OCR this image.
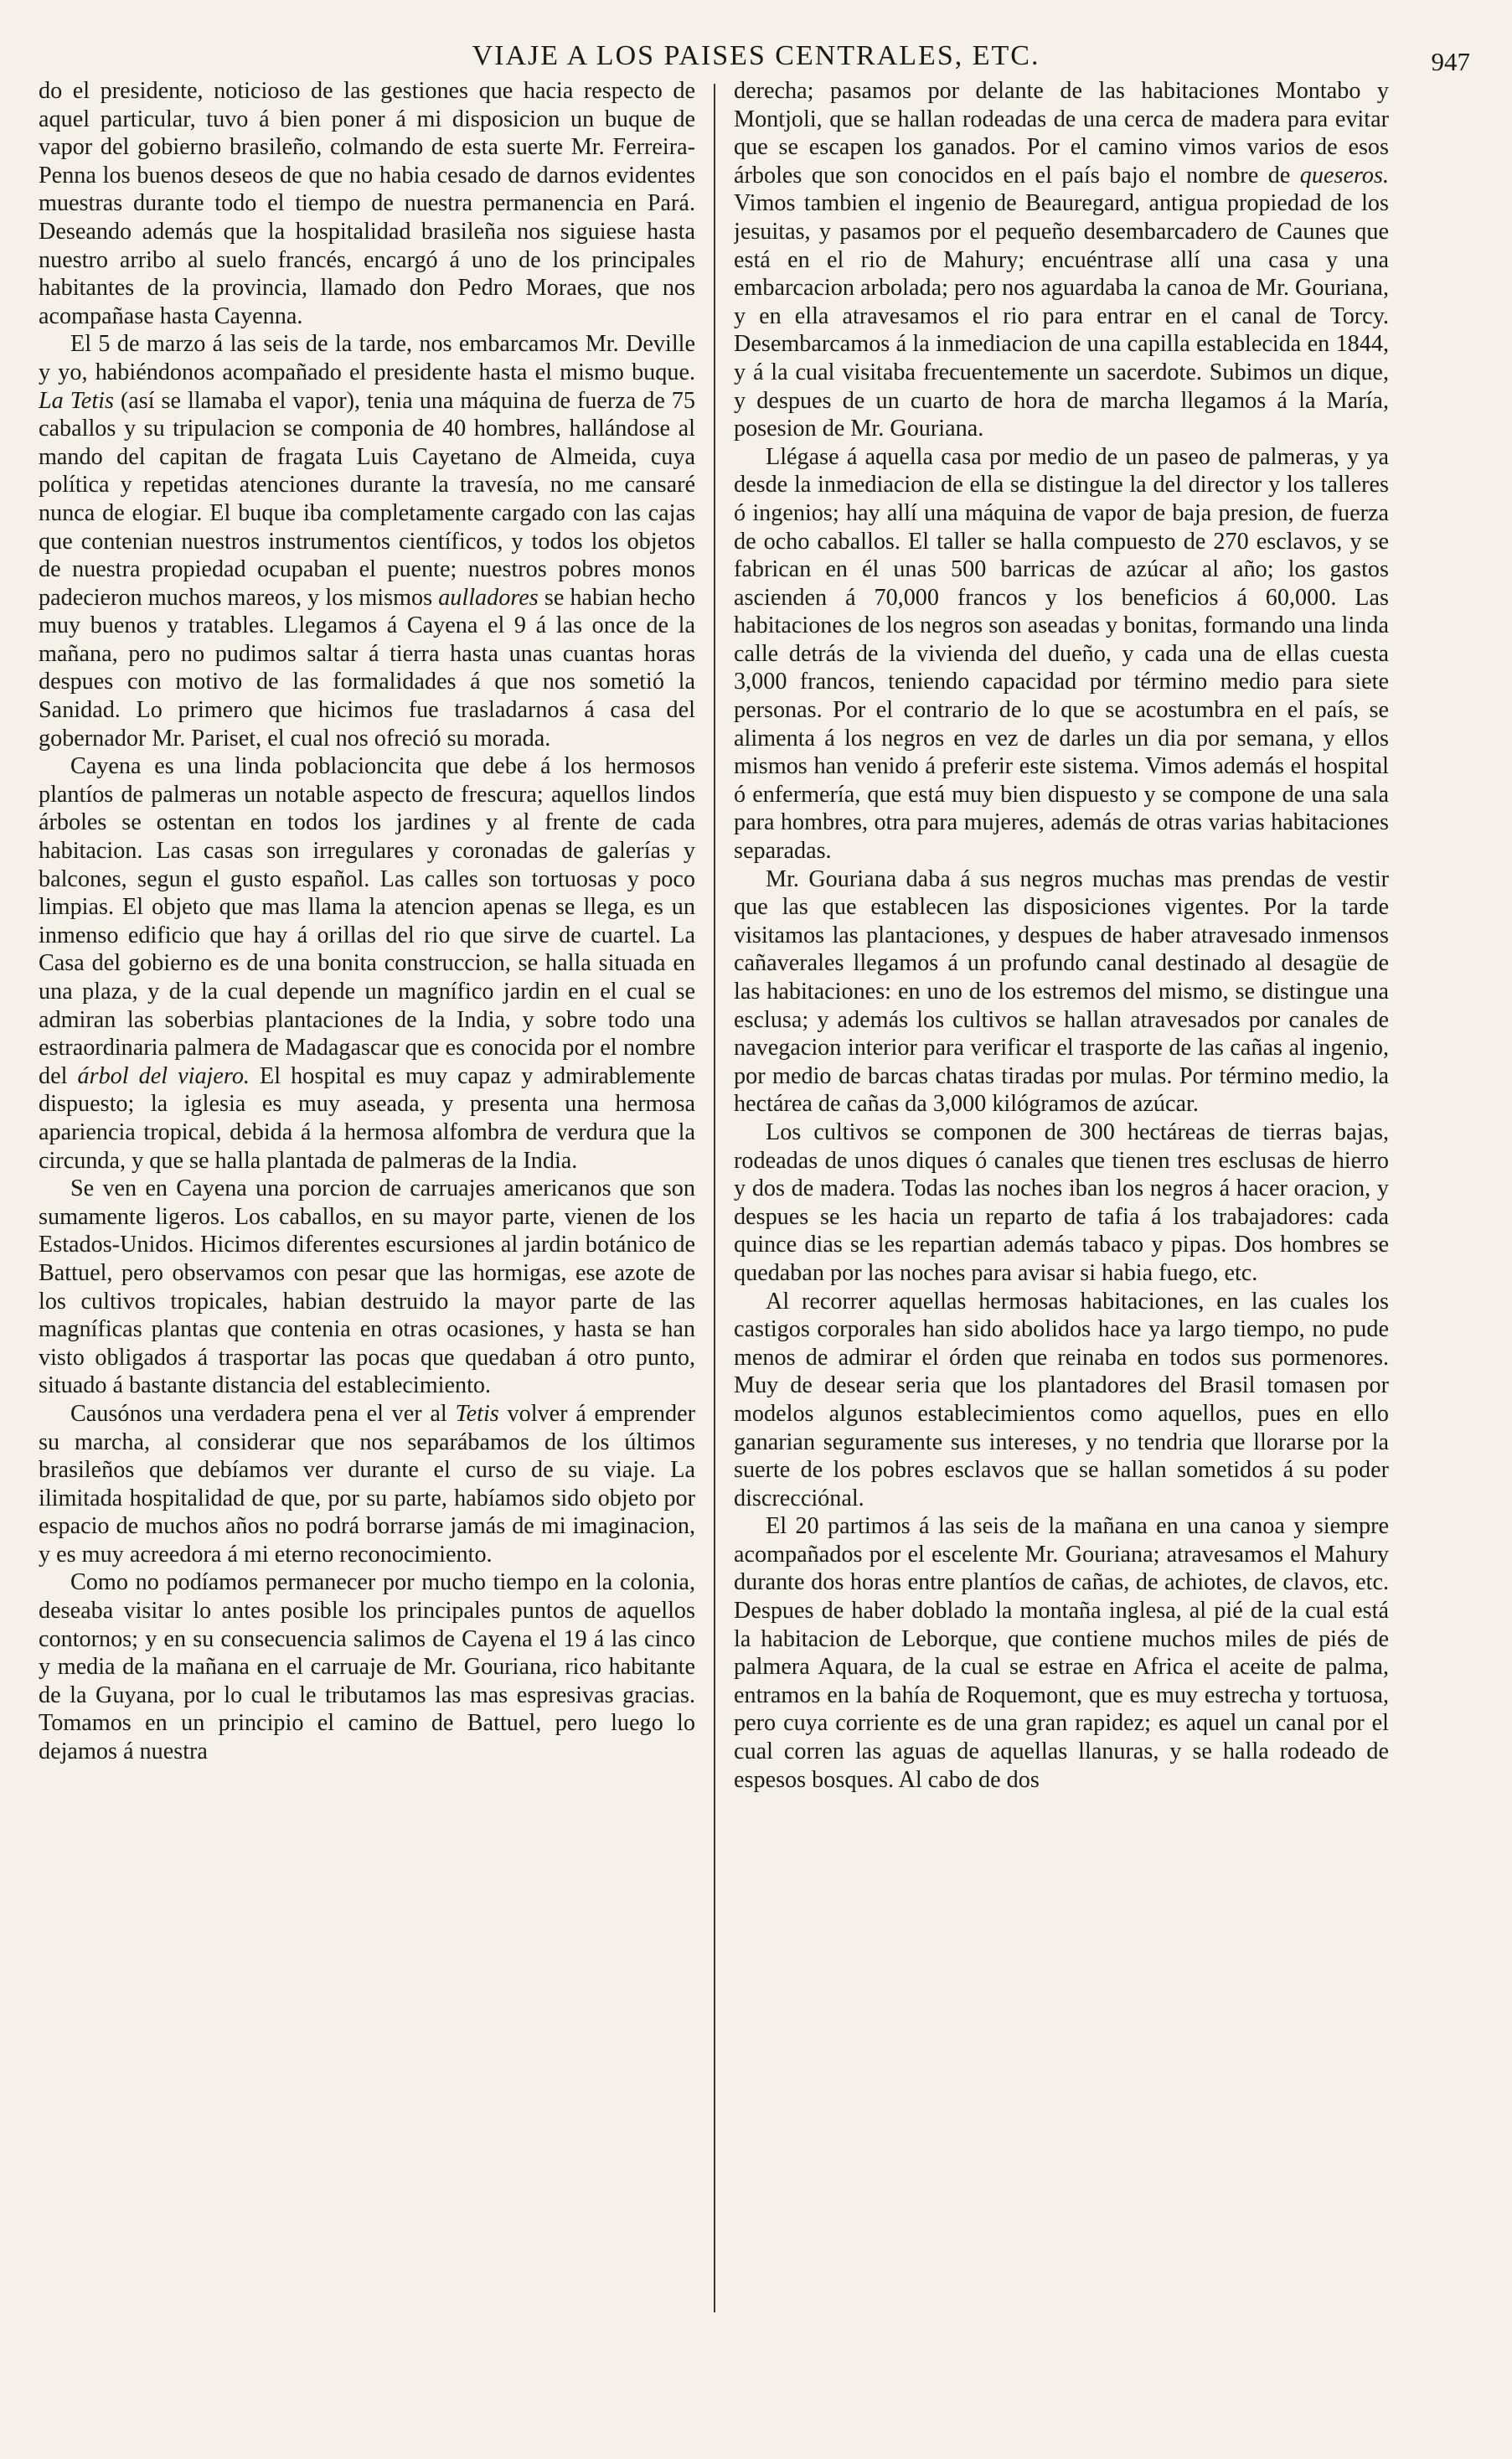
VIAJE A LOS PAISES CENTRALES, ETC.	947

do el presidente, noticioso de las gestiones que hacia respecto de aquel particular, tuvo á bien poner á mi disposicion un buque de vapor del gobierno brasileño, colmando de esta suerte Mr. Ferreira-Penna los buenos deseos de que no habia cesado de darnos evidentes muestras durante todo el tiempo de nuestra permanencia en Pará. Deseando además que la hospitalidad brasileña nos siguiese hasta nuestro arribo al suelo francés, encargó á uno de los principales habitantes de la provincia, llamado don Pedro Moraes, que nos acompañase hasta Cayenna.

El 5 de marzo á las seis de la tarde, nos embarcamos Mr. Deville y yo, habiéndonos acompañado el presidente hasta el mismo buque. La Tetis (así se llamaba el vapor), tenia una máquina de fuerza de 75 caballos y su tripulacion se componia de 40 hombres, hallándose al mando del capitan de fragata Luis Cayetano de Almeida, cuya política y repetidas atenciones durante la travesía, no me cansaré nunca de elogiar. El buque iba completamente cargado con las cajas que contenian nuestros instrumentos científicos, y todos los objetos de nuestra propiedad ocupaban el puente; nuestros pobres monos padecieron muchos mareos, y los mismos aulladores se habian hecho muy buenos y tratables. Llegamos á Cayena el 9 á las once de la mañana, pero no pudimos saltar á tierra hasta unas cuantas horas despues con motivo de las formalidades á que nos sometió la Sanidad. Lo primero que hicimos fue trasladarnos á casa del gobernador Mr. Pariset, el cual nos ofreció su morada.

Cayena es una linda poblacioncita que debe á los hermosos plantíos de palmeras un notable aspecto de frescura; aquellos lindos árboles se ostentan en todos los jardines y al frente de cada habitacion. Las casas son irregulares y coronadas de galerías y balcones, segun el gusto español. Las calles son tortuosas y poco limpias. El objeto que mas llama la atencion apenas se llega, es un inmenso edificio que hay á orillas del rio que sirve de cuartel. La Casa del gobierno es de una bonita construccion, se halla situada en una plaza, y de la cual depende un magnífico jardin en el cual se admiran las soberbias plantaciones de la India, y sobre todo una estraordinaria palmera de Madagascar que es conocida por el nombre del árbol del viajero. El hospital es muy capaz y admirablemente dispuesto; la iglesia es muy aseada, y presenta una hermosa apariencia tropical, debida á la hermosa alfombra de verdura que la circunda, y que se halla plantada de palmeras de la India.

Se ven en Cayena una porcion de carruajes americanos que son sumamente ligeros. Los caballos, en su mayor parte, vienen de los Estados-Unidos. Hicimos diferentes escursiones al jardin botánico de Battuel, pero observamos con pesar que las hormigas, ese azote de los cultivos tropicales, habian destruido la mayor parte de las magníficas plantas que contenia en otras ocasiones, y hasta se han visto obligados á trasportar las pocas que quedaban á otro punto, situado á bastante distancia del establecimiento.

Causónos una verdadera pena el ver al Tetis volver á emprender su marcha, al considerar que nos separábamos de los últimos brasileños que debíamos ver durante el curso de su viaje. La ilimitada hospitalidad de que, por su parte, habíamos sido objeto por espacio de muchos años no podrá borrarse jamás de mi imaginacion, y es muy acreedora á mi eterno reconocimiento.

Como no podíamos permanecer por mucho tiempo en la colonia, deseaba visitar lo antes posible los principales puntos de aquellos contornos; y en su consecuencia salimos de Cayena el 19 á las cinco y media de la mañana en el carruaje de Mr. Gouriana, rico habitante de la Guyana, por lo cual le tributamos las mas espresivas gracias. Tomamos en un principio el camino de Battuel, pero luego lo dejamos á nuestra

derecha; pasamos por delante de las habitaciones Montabo y Montjoli, que se hallan rodeadas de una cerca de madera para evitar que se escapen los ganados. Por el camino vimos varios de esos árboles que son conocidos en el país bajo el nombre de queseros. Vimos tambien el ingenio de Beauregard, antigua propiedad de los jesuitas, y pasamos por el pequeño desembarcadero de Caunes que está en el rio de Mahury; encuéntrase allí una casa y una embarcacion arbolada; pero nos aguardaba la canoa de Mr. Gouriana, y en ella atravesamos el rio para entrar en el canal de Torcy. Desembarcamos á la inmediacion de una capilla establecida en 1844, y á la cual visitaba frecuentemente un sacerdote. Subimos un dique, y despues de un cuarto de hora de marcha llegamos á la María, posesion de Mr. Gouriana.

Llégase á aquella casa por medio de un paseo de palmeras, y ya desde la inmediacion de ella se distingue la del director y los talleres ó ingenios; hay allí una máquina de vapor de baja presion, de fuerza de ocho caballos. El taller se halla compuesto de 270 esclavos, y se fabrican en él unas 500 barricas de azúcar al año; los gastos ascienden á 70,000 francos y los beneficios á 60,000. Las habitaciones de los negros son aseadas y bonitas, formando una linda calle detrás de la vivienda del dueño, y cada una de ellas cuesta 3,000 francos, teniendo capacidad por término medio para siete personas. Por el contrario de lo que se acostumbra en el país, se alimenta á los negros en vez de darles un dia por semana, y ellos mismos han venido á preferir este sistema. Vimos además el hospital ó enfermería, que está muy bien dispuesto y se compone de una sala para hombres, otra para mujeres, además de otras varias habitaciones separadas.

Mr. Gouriana daba á sus negros muchas mas prendas de vestir que las que establecen las disposiciones vigentes. Por la tarde visitamos las plantaciones, y despues de haber atravesado inmensos cañaverales llegamos á un profundo canal destinado al desagüe de las habitaciones: en uno de los estremos del mismo, se distingue una esclusa; y además los cultivos se hallan atravesados por canales de navegacion interior para verificar el trasporte de las cañas al ingenio, por medio de barcas chatas tiradas por mulas. Por término medio, la hectárea de cañas da 3,000 kilógramos de azúcar.

Los cultivos se componen de 300 hectáreas de tierras bajas, rodeadas de unos diques ó canales que tienen tres esclusas de hierro y dos de madera. Todas las noches iban los negros á hacer oracion, y despues se les hacia un reparto de tafia á los trabajadores: cada quince dias se les repartian además tabaco y pipas. Dos hombres se quedaban por las noches para avisar si habia fuego, etc.

Al recorrer aquellas hermosas habitaciones, en las cuales los castigos corporales han sido abolidos hace ya largo tiempo, no pude menos de admirar el órden que reinaba en todos sus pormenores. Muy de desear seria que los plantadores del Brasil tomasen por modelos algunos establecimientos como aquellos, pues en ello ganarian seguramente sus intereses, y no tendria que llorarse por la suerte de los pobres esclavos que se hallan sometidos á su poder discrecciónal.

El 20 partimos á las seis de la mañana en una canoa y siempre acompañados por el escelente Mr. Gouriana; atravesamos el Mahury durante dos horas entre plantíos de cañas, de achiotes, de clavos, etc. Despues de haber doblado la montaña inglesa, al pié de la cual está la habitacion de Leborque, que contiene muchos miles de piés de palmera Aquara, de la cual se estrae en Africa el aceite de palma, entramos en la bahía de Roquemont, que es muy estrecha y tortuosa, pero cuya corriente es de una gran rapidez; es aquel un canal por el cual corren las aguas de aquellas llanuras, y se halla rodeado de espesos bosques. Al cabo de dos
